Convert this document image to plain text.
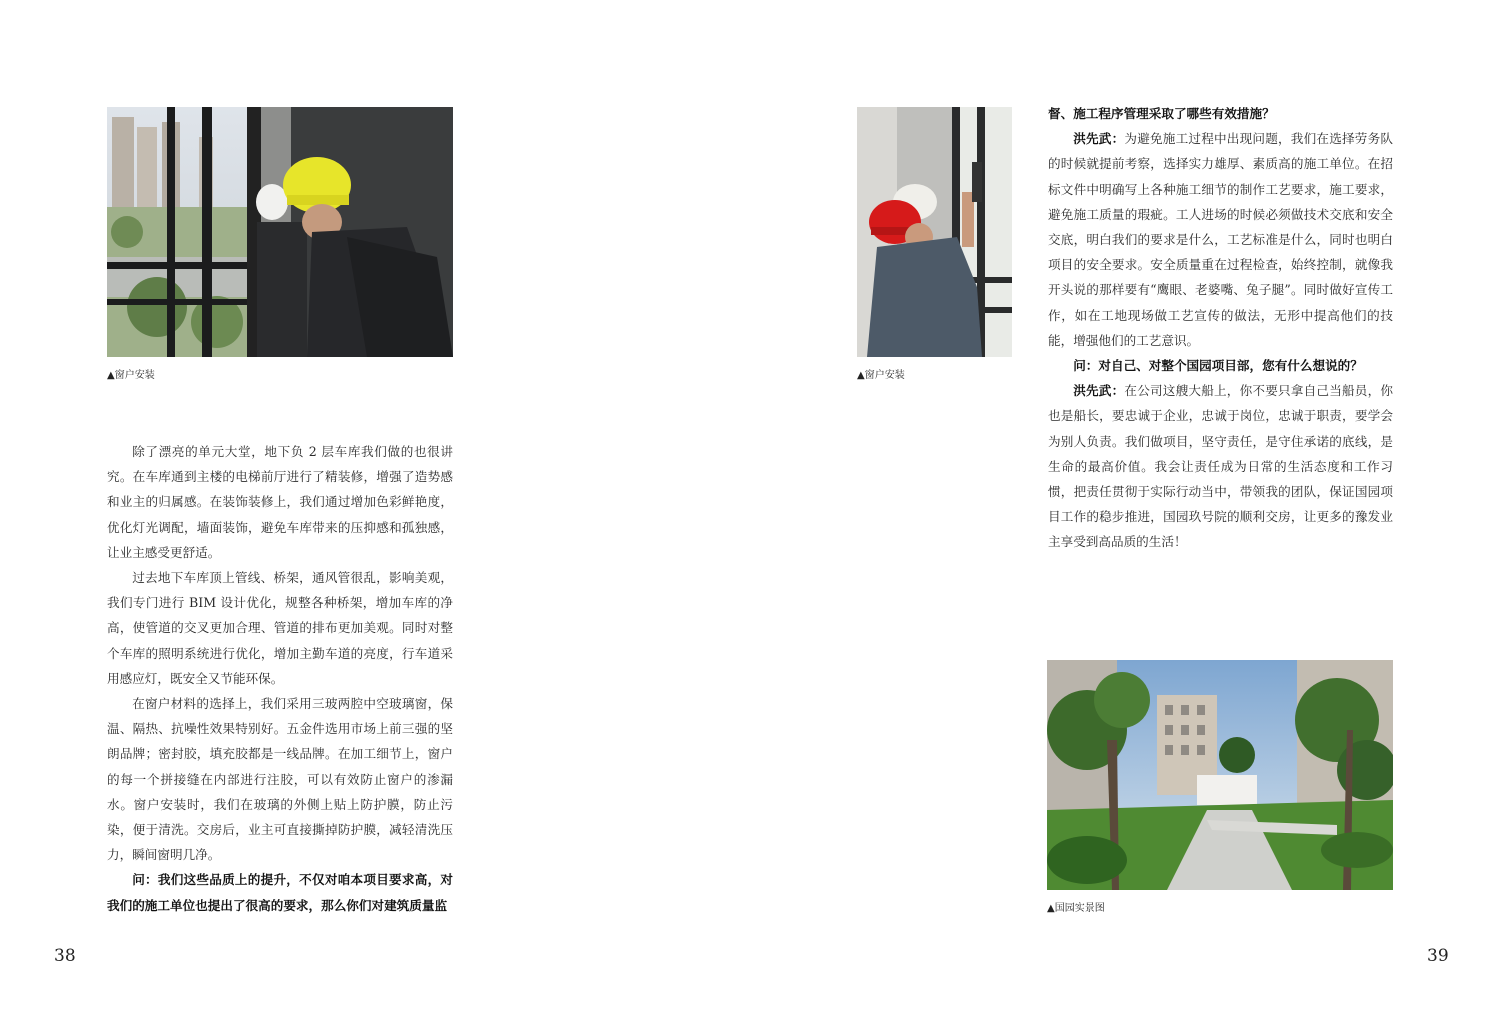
▲窗户安装

除了漂亮的单元大堂，地下负 2 层车库我们做的也很讲究。在车库通到主楼的电梯前厅进行了精装修，增强了造势感和业主的归属感。在装饰装修上，我们通过增加色彩鲜艳度，优化灯光调配，墙面装饰，避免车库带来的压抑感和孤独感，让业主感受更舒适。

过去地下车库顶上管线、桥架，通风管很乱，影响美观，我们专门进行 BIM 设计优化，规整各种桥架，增加车库的净高，使管道的交叉更加合理、管道的排布更加美观。同时对整个车库的照明系统进行优化，增加主勤车道的亮度，行车道采用感应灯，既安全又节能环保。

在窗户材料的选择上，我们采用三玻两腔中空玻璃窗，保温、隔热、抗噪性效果特别好。五金件选用市场上前三强的坚朗品牌；密封胶，填充胶都是一线品牌。在加工细节上，窗户的每一个拼接缝在内部进行注胶，可以有效防止窗户的渗漏水。窗户安装时，我们在玻璃的外侧上贴上防护膜，防止污染，便于清洗。交房后，业主可直接撕掉防护膜，减轻清洗压力，瞬间窗明几净。

问：我们这些品质上的提升，不仅对咱本项目要求高，对我们的施工单位也提出了很高的要求，那么你们对建筑质量监

38
▲窗户安装

督、施工程序管理采取了哪些有效措施？

洪先武：为避免施工过程中出现问题，我们在选择劳务队的时候就提前考察，选择实力雄厚、素质高的施工单位。在招标文件中明确写上各种施工细节的制作工艺要求，施工要求，避免施工质量的瑕疵。工人进场的时候必须做技术交底和安全交底，明白我们的要求是什么，工艺标准是什么，同时也明白项目的安全要求。安全质量重在过程检查，始终控制，就像我开头说的那样要有“鹰眼、老婆嘴、兔子腿”。同时做好宣传工作，如在工地现场做工艺宣传的做法，无形中提高他们的技能，增强他们的工艺意识。

问：对自己、对整个国园项目部，您有什么想说的？

洪先武：在公司这艘大船上，你不要只拿自己当船员，你也是船长，要忠诚于企业，忠诚于岗位，忠诚于职责，要学会为别人负责。我们做项目，坚守责任，是守住承诺的底线，是生命的最高价值。我会让责任成为日常的生活态度和工作习惯，把责任贯彻于实际行动当中，带领我的团队，保证国园项目工作的稳步推进，国园玖号院的顺利交房，让更多的豫发业主享受到高品质的生活！

▲国园实景图
39
